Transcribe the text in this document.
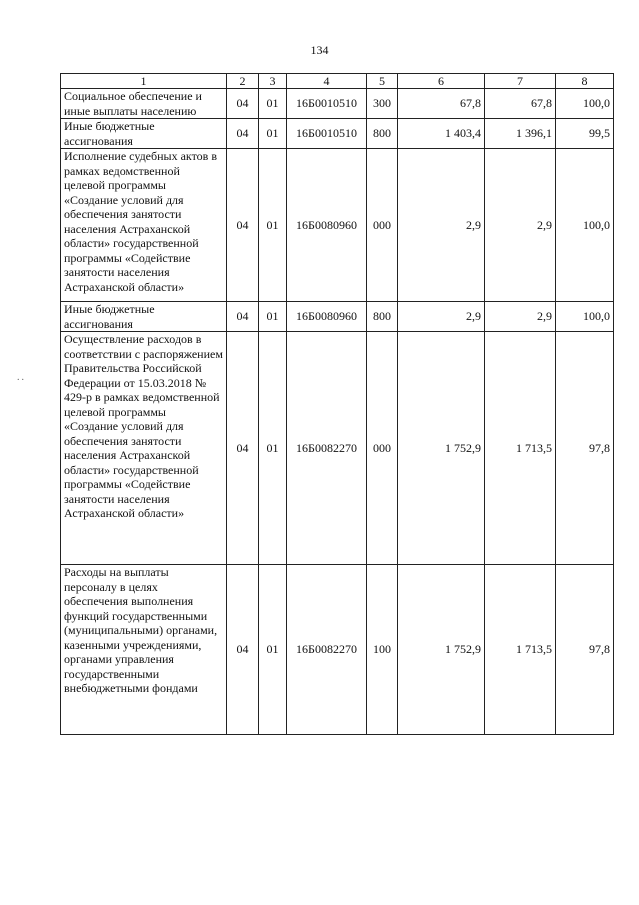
134
..
1	2	3	4	5	6	7	8
Социальное обеспечение и иные выплаты населению	04	01	16Б0010510	300	67,8	67,8	100,0
Иные бюджетные ассигнования	04	01	16Б0010510	800	1 403,4	1 396,1	99,5
Исполнение судебных актов в рамках ведомственной целевой программы «Создание условий для обеспечения занятости населения Астраханской области» государственной программы «Содействие занятости населения Астраханской области»	04	01	16Б0080960	000	2,9	2,9	100,0
Иные бюджетные ассигнования	04	01	16Б0080960	800	2,9	2,9	100,0
Осуществление расходов в соответствии с распоряжением Правительства Российской Федерации от 15.03.2018 № 429-р в рамках ведомственной целевой программы «Создание условий для обеспечения занятости населения Астраханской области» государственной программы «Содействие занятости населения Астраханской области»	04	01	16Б0082270	000	1 752,9	1 713,5	97,8
Расходы на выплаты персоналу в целях обеспечения выполнения функций государственными (муниципальными) органами, казенными учреждениями, органами управления государственными внебюджетными фондами	04	01	16Б0082270	100	1 752,9	1 713,5	97,8
